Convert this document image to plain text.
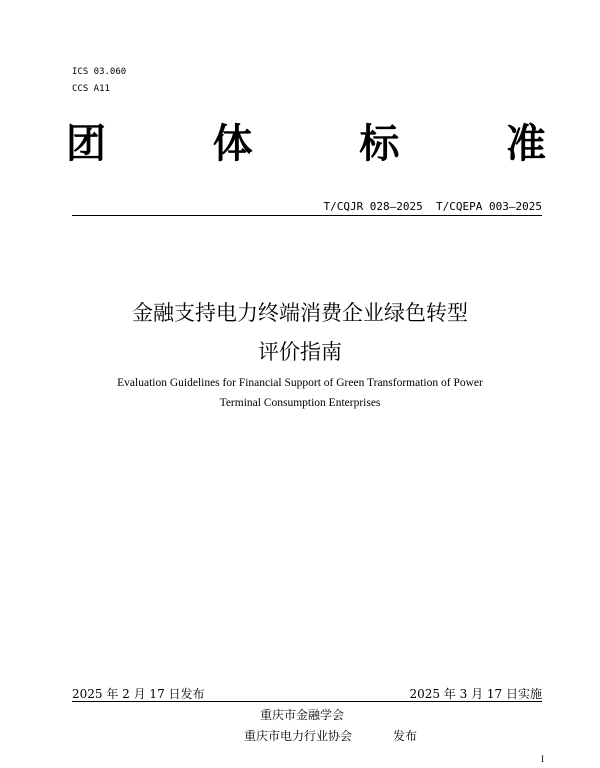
ICS 03.060
CCS A11
团	体	标	准
T/CQJR 028—2025  T/CQEPA 003—2025
金融支持电力终端消费企业绿色转型
评价指南
Evaluation Guidelines for Financial Support of Green Transformation of Power
Terminal Consumption Enterprises
2025 年 2 月 17 日发布	2025 年 3 月 17 日实施
重庆市金融学会
重庆市电力行业协会	发布
I
